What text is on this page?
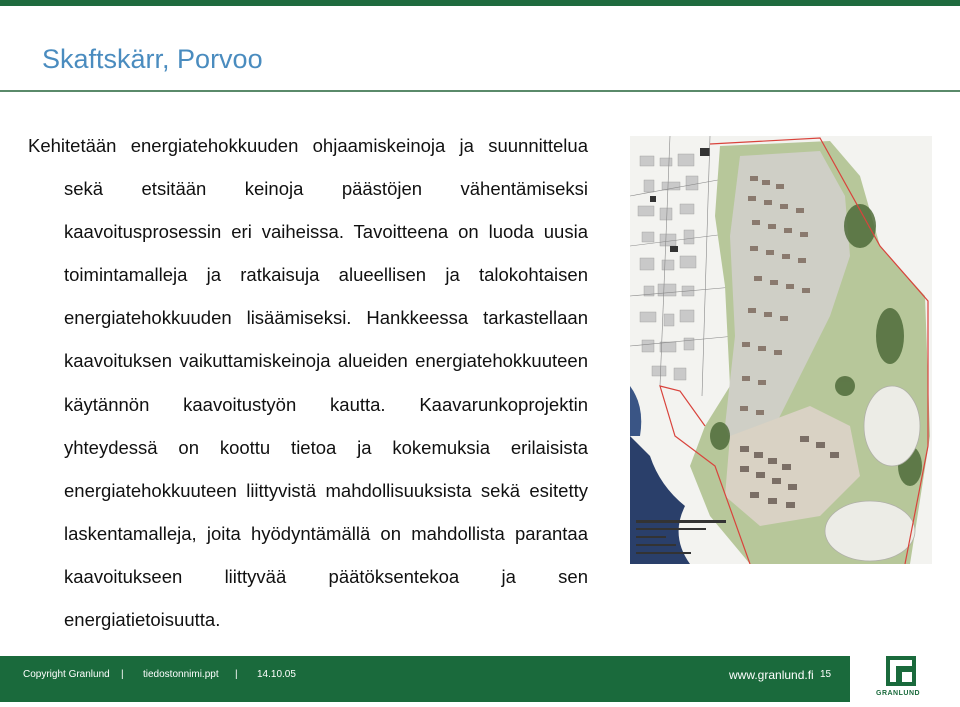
Skaftskärr, Porvoo

Kehitetään energiatehokkuuden ohjaamiskeinoja ja suunnittelua sekä etsitään keinoja päästöjen vähentämiseksi kaavoitusprosessin eri vaiheissa. Tavoitteena on luoda uusia toimintamalleja ja ratkaisuja alueellisen ja talokohtaisen energiatehokkuuden lisäämiseksi. Hankkeessa tarkastellaan kaavoituksen vaikuttamiskeinoja alueiden energiatehokkuuteen käytännön kaavoitustyön kautta. Kaavarunkoprojektin yhteydessä on koottu tietoa ja kokemuksia erilaisista energiatehokkuuteen liittyvistä mahdollisuuksista sekä esitetty laskentamalleja, joita hyödyntämällä on mahdollista parantaa kaavoitukseen liittyvää päätöksentekoa ja sen energiatietoisuutta.

Copyright Granlund | tiedostonnimi.ppt | 14.10.05	www.granlund.fi 15
GRANLUND
